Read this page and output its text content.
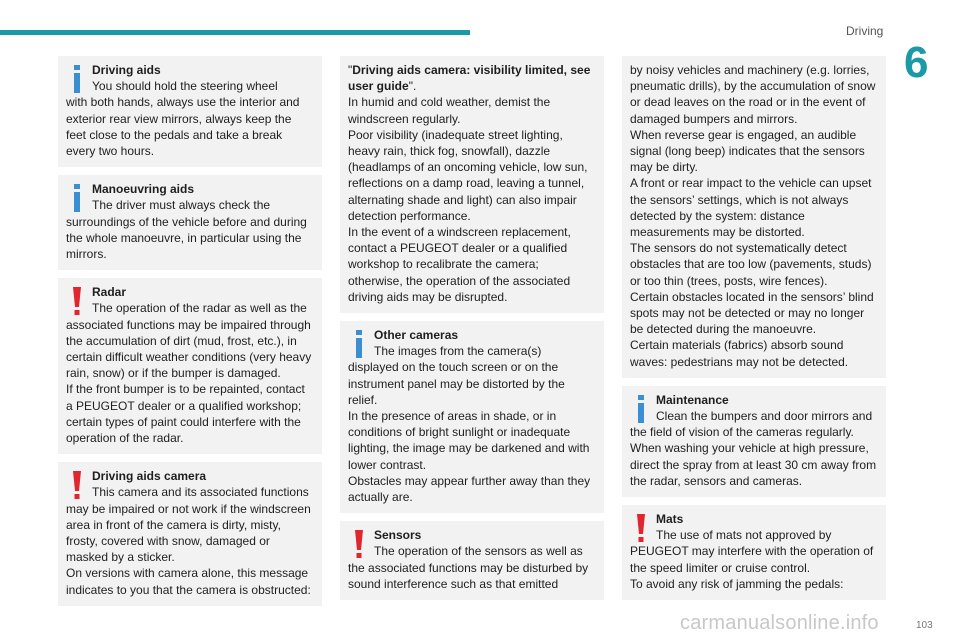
Driving
6
Driving aids

You should hold the steering wheel

with both hands, always use the interior and exterior rear view mirrors, always keep the feet close to the pedals and take a break every two hours.

Manoeuvring aids

The driver must always check the

surroundings of the vehicle before and during the whole manoeuvre, in particular using the mirrors.

Radar

The operation of the radar as well as the

associated functions may be impaired through the accumulation of dirt (mud, frost, etc.), in certain difficult weather conditions (very heavy rain, snow) or if the bumper is damaged.

If the front bumper is to be repainted, contact a PEUGEOT dealer or a qualified workshop; certain types of paint could interfere with the operation of the radar.

Driving aids camera

This camera and its associated functions

may be impaired or not work if the windscreen area in front of the camera is dirty, misty, frosty, covered with snow, damaged or masked by a sticker.

On versions with camera alone, this message indicates to you that the camera is obstructed:

"Driving aids camera: visibility limited, see user guide".

In humid and cold weather, demist the windscreen regularly.

Poor visibility (inadequate street lighting, heavy rain, thick fog, snowfall), dazzle (headlamps of an oncoming vehicle, low sun, reflections on a damp road, leaving a tunnel, alternating shade and light) can also impair detection performance.

In the event of a windscreen replacement, contact a PEUGEOT dealer or a qualified workshop to recalibrate the camera; otherwise, the operation of the associated driving aids may be disrupted.

Other cameras

The images from the camera(s)

displayed on the touch screen or on the instrument panel may be distorted by the relief.

In the presence of areas in shade, or in conditions of bright sunlight or inadequate lighting, the image may be darkened and with lower contrast.

Obstacles may appear further away than they actually are.

Sensors

The operation of the sensors as well as

the associated functions may be disturbed by sound interference such as that emitted

by noisy vehicles and machinery (e.g. lorries, pneumatic drills), by the accumulation of snow or dead leaves on the road or in the event of damaged bumpers and mirrors.

When reverse gear is engaged, an audible signal (long beep) indicates that the sensors may be dirty.

A front or rear impact to the vehicle can upset the sensors’ settings, which is not always detected by the system: distance measurements may be distorted.

The sensors do not systematically detect obstacles that are too low (pavements, studs) or too thin (trees, posts, wire fences).

Certain obstacles located in the sensors’ blind spots may not be detected or may no longer be detected during the manoeuvre.

Certain materials (fabrics) absorb sound waves: pedestrians may not be detected.

Maintenance

Clean the bumpers and door mirrors and

the field of vision of the cameras regularly.

When washing your vehicle at high pressure, direct the spray from at least 30 cm away from the radar, sensors and cameras.

Mats

The use of mats not approved by

PEUGEOT may interfere with the operation of the speed limiter or cruise control.

To avoid any risk of jamming the pedals:

carmanualsonline.info	103
